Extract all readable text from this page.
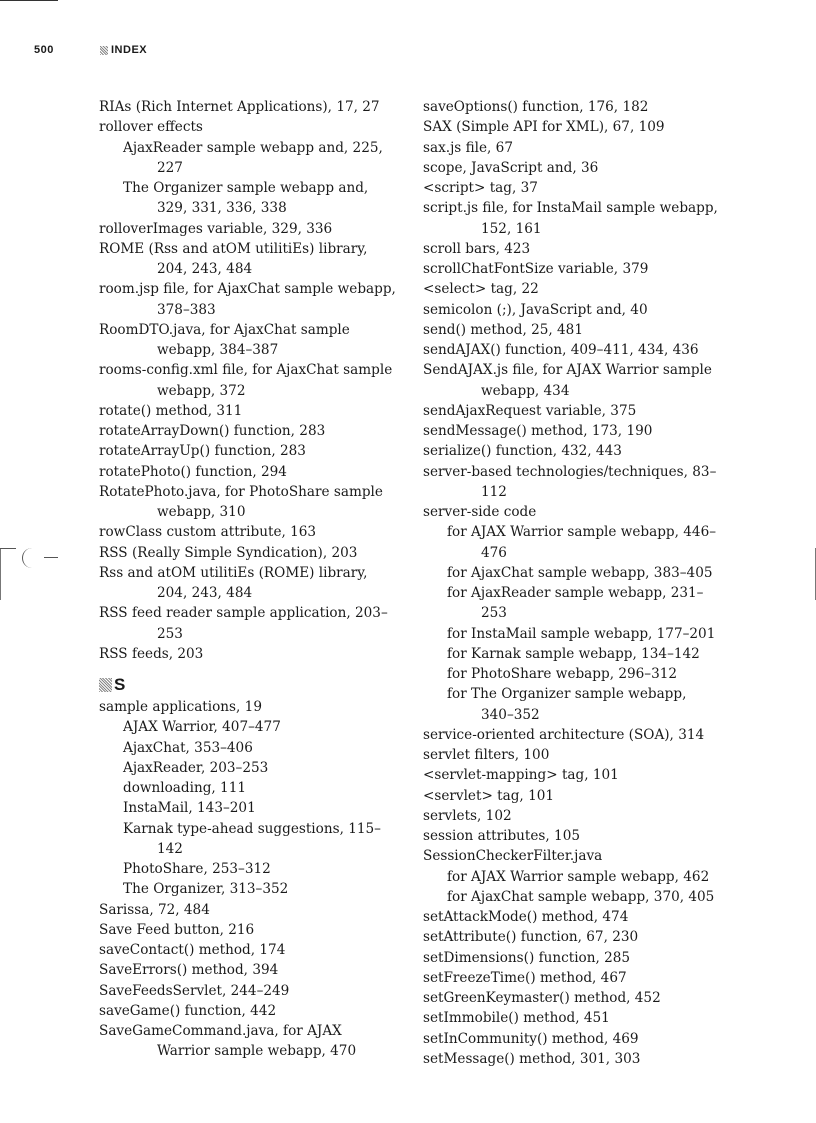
500	INDEX

RIAs (Rich Internet Applications), 17, 27

rollover effects

AjaxReader sample webapp and, 225, 227

The Organizer sample webapp and, 329, 331, 336, 338

rolloverImages variable, 329, 336

ROME (Rss and atOM utilitiEs) library, 204, 243, 484

room.jsp file, for AjaxChat sample webapp, 378–383

RoomDTO.java, for AjaxChat sample webapp, 384–387

rooms-config.xml file, for AjaxChat sample webapp, 372

rotate() method, 311

rotateArrayDown() function, 283

rotateArrayUp() function, 283

rotatePhoto() function, 294

RotatePhoto.java, for PhotoShare sample webapp, 310

rowClass custom attribute, 163

RSS (Really Simple Syndication), 203

Rss and atOM utilitiEs (ROME) library, 204, 243, 484

RSS feed reader sample application, 203–253

RSS feeds, 203

S

sample applications, 19

AJAX Warrior, 407–477

AjaxChat, 353–406

AjaxReader, 203–253

downloading, 111

InstaMail, 143–201

Karnak type-ahead suggestions, 115–142

PhotoShare, 253–312

The Organizer, 313–352

Sarissa, 72, 484

Save Feed button, 216

saveContact() method, 174

SaveErrors() method, 394

SaveFeedsServlet, 244–249

saveGame() function, 442

SaveGameCommand.java, for AJAX Warrior sample webapp, 470

saveOptions() function, 176, 182

SAX (Simple API for XML), 67, 109

sax.js file, 67

scope, JavaScript and, 36

<script> tag, 37

script.js file, for InstaMail sample webapp, 152, 161

scroll bars, 423

scrollChatFontSize variable, 379

<select> tag, 22

semicolon (;), JavaScript and, 40

send() method, 25, 481

sendAJAX() function, 409–411, 434, 436

SendAJAX.js file, for AJAX Warrior sample webapp, 434

sendAjaxRequest variable, 375

sendMessage() method, 173, 190

serialize() function, 432, 443

server-based technologies/techniques, 83–112

server-side code

for AJAX Warrior sample webapp, 446–476

for AjaxChat sample webapp, 383–405

for AjaxReader sample webapp, 231–253

for InstaMail sample webapp, 177–201

for Karnak sample webapp, 134–142

for PhotoShare webapp, 296–312

for The Organizer sample webapp, 340–352

service-oriented architecture (SOA), 314

servlet filters, 100

<servlet-mapping> tag, 101

<servlet> tag, 101

servlets, 102

session attributes, 105

SessionCheckerFilter.java

for AJAX Warrior sample webapp, 462

for AjaxChat sample webapp, 370, 405

setAttackMode() method, 474

setAttribute() function, 67, 230

setDimensions() function, 285

setFreezeTime() method, 467

setGreenKeymaster() method, 452

setImmobile() method, 451

setInCommunity() method, 469

setMessage() method, 301, 303
